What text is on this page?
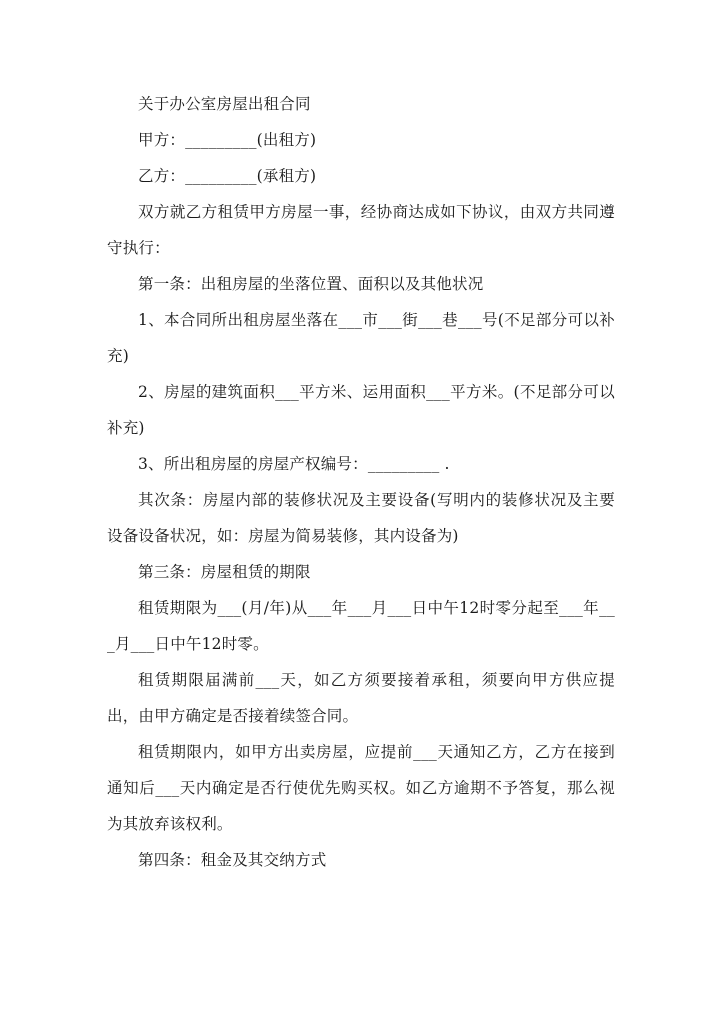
关于办公室房屋出租合同

甲方：_________(出租方)

乙方：_________(承租方)

双方就乙方租赁甲方房屋一事，经协商达成如下协议，由双方共同遵守执行：

第一条：出租房屋的坐落位置、面积以及其他状况

1、本合同所出租房屋坐落在___市___街___巷___号(不足部分可以补充)

2、房屋的建筑面积___平方米、运用面积___平方米。(不足部分可以补充)

3、所出租房屋的房屋产权编号：_________ .

其次条：房屋内部的装修状况及主要设备(写明内的装修状况及主要设备设备状况，如：房屋为简易装修，其内设备为)

第三条：房屋租赁的期限

租赁期限为___(月/年)从___年___月___日中午12时零分起至___年___月___日中午12时零。

租赁期限届满前___天，如乙方须要接着承租，须要向甲方供应提出，由甲方确定是否接着续签合同。

租赁期限内，如甲方出卖房屋，应提前___天通知乙方，乙方在接到通知后___天内确定是否行使优先购买权。如乙方逾期不予答复，那么视为其放弃该权利。

第四条：租金及其交纳方式
